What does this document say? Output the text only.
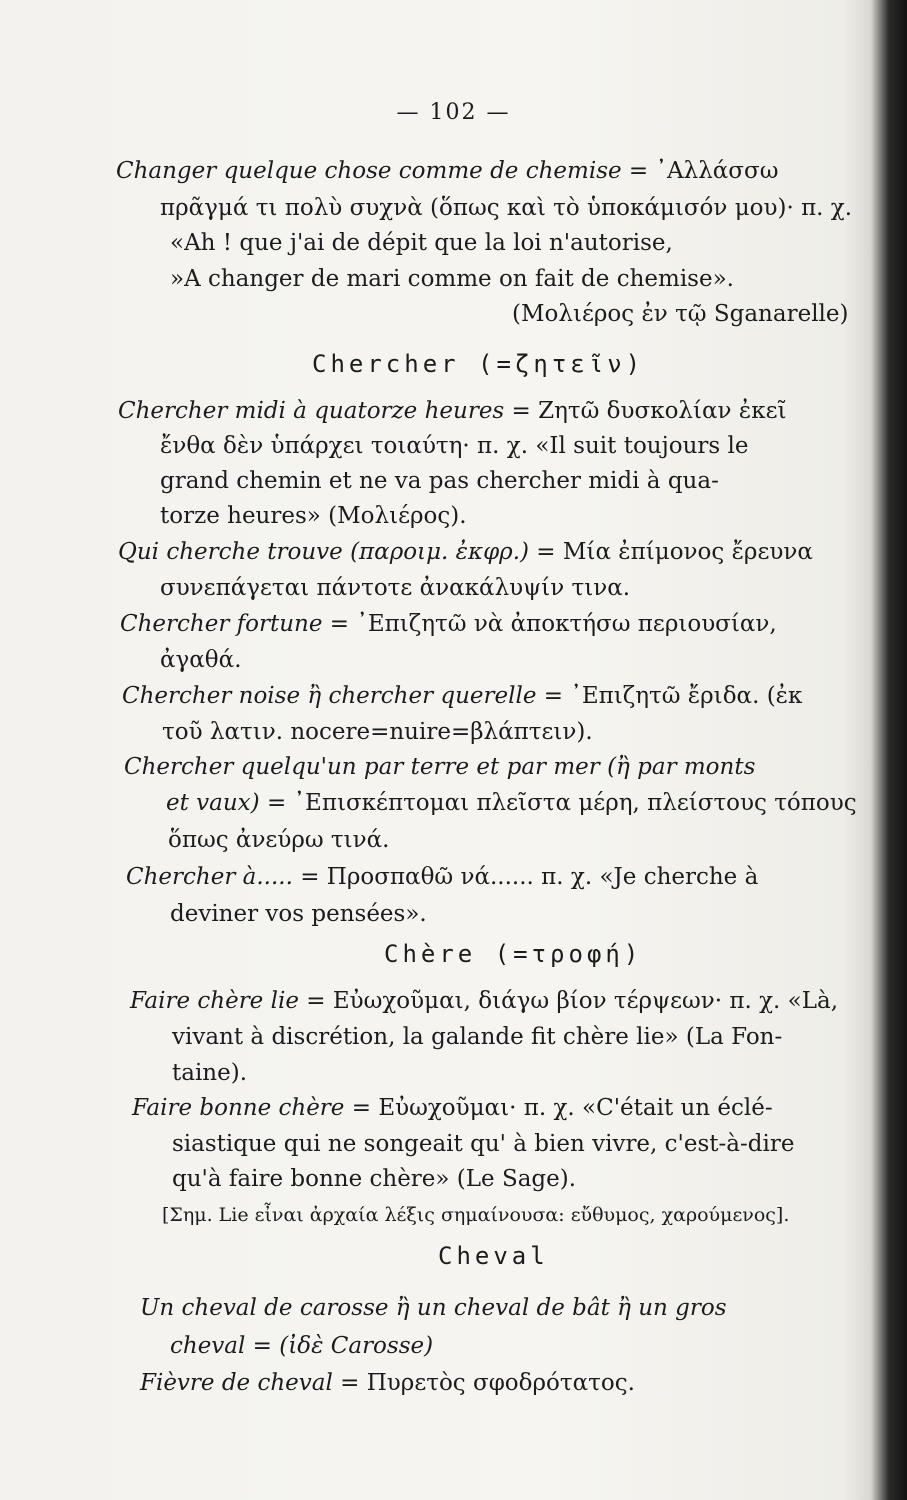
— 102 —
Changer quelque chose comme de chemise = ᾿Αλλάσσω
πρᾶγμά τι πολὺ συχνὰ (ὅπως καὶ τὸ ὑποκάμισόν μου)· π. χ.
«Ah ! que j'ai de dépit que la loi n'autorise,
»A changer de mari comme on fait de chemise».
(Μολιέρος ἐν τῷ Sganarelle)
Chercher (=ζητεῖν)
Chercher midi à quatorze heures = Ζητῶ δυσκολίαν ἐκεῖ
ἔνθα δὲν ὑπάρχει τοιαύτη· π. χ. «Il suit toujours le
grand chemin et ne va pas chercher midi à qua-
torze heures» (Μολιέρος).
Qui cherche trouve (παροιμ. ἐκφρ.) = Μία ἐπίμονος ἔρευνα
συνεπάγεται πάντοτε ἀνακάλυψίν τινα.
Chercher fortune = ᾿Επιζητῶ νὰ ἀποκτήσω περιουσίαν,
ἀγαθά.
Chercher noise ἢ chercher querelle = ᾿Επιζητῶ ἔριδα. (ἐκ
τοῦ λατιν. nocere=nuire=βλάπτειν).
Chercher quelqu'un par terre et par mer (ἢ par monts
et vaux) = ᾿Επισκέπτομαι πλεῖστα μέρη, πλείστους τόπους
ὅπως ἀνεύρω τινά.
Chercher à..... = Προσπαθῶ νά...... π. χ. «Je cherche à
deviner vos pensées».
Chère (=τροφή)
Faire chère lie = Εὐωχοῦμαι, διάγω βίον τέρψεων· π. χ. «Là,
vivant à discrétion, la galande fit chère lie» (La Fon-
taine).
Faire bonne chère = Εὐωχοῦμαι· π. χ. «C'était un éclé-
siastique qui ne songeait qu' à bien vivre, c'est-à-dire
qu'à faire bonne chère» (Le Sage).
[Σημ. Lie εἶναι ἀρχαία λέξις σημαίνουσα: εὔθυμος, χαρούμενος].
Cheval
Un cheval de carosse ἢ un cheval de bât ἢ un gros
cheval = (ἰδὲ Carosse)
Fièvre de cheval = Πυρετὸς σφοδρότατος.
